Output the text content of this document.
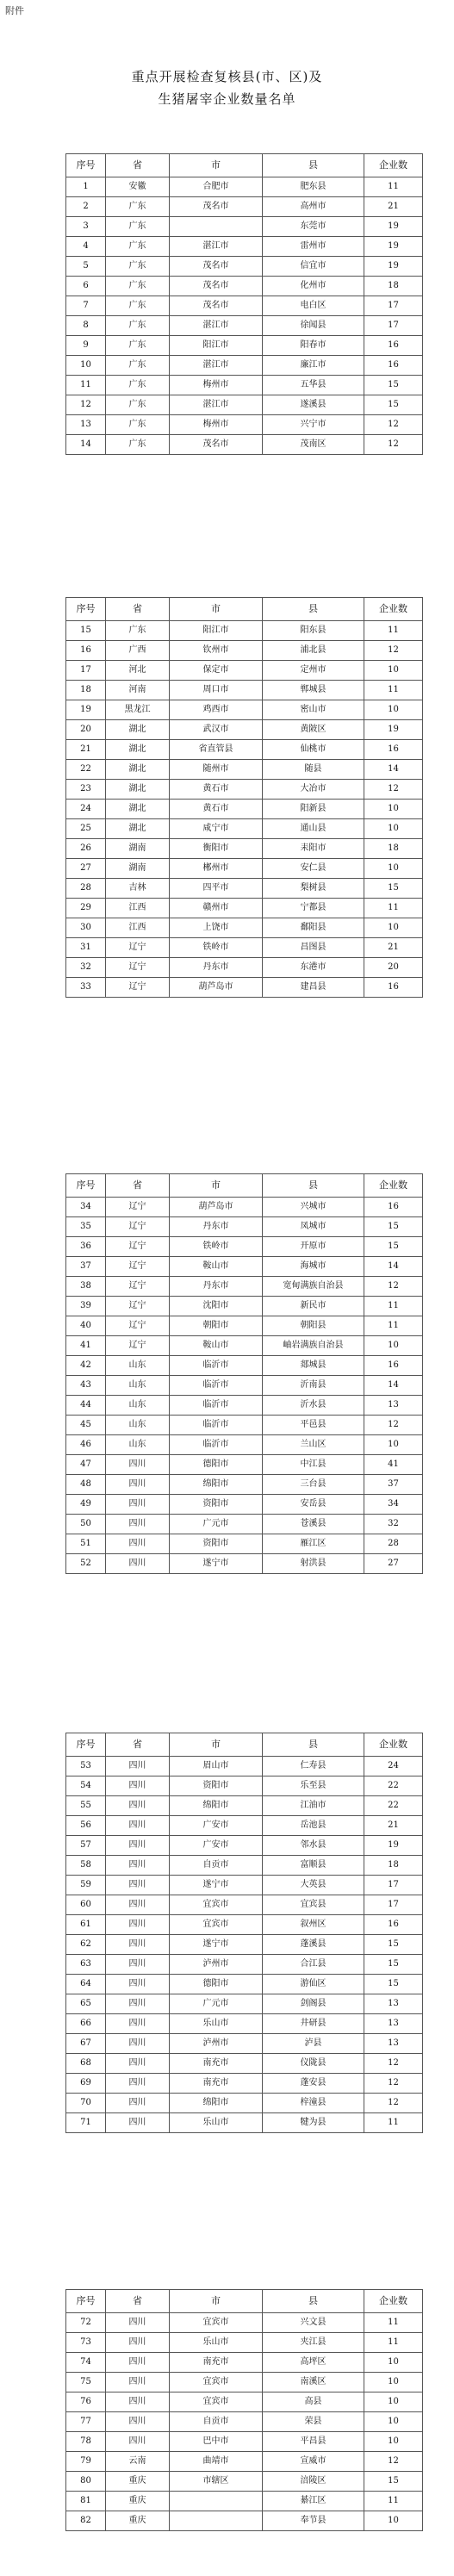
附件
重点开展检查复核县(市、区)及
生猪屠宰企业数量名单
序号	省	市	县	企业数
1	安徽	合肥市	肥东县	11
2	广东	茂名市	高州市	21
3	广东		东莞市	19
4	广东	湛江市	雷州市	19
5	广东	茂名市	信宜市	19
6	广东	茂名市	化州市	18
7	广东	茂名市	电白区	17
8	广东	湛江市	徐闻县	17
9	广东	阳江市	阳春市	16
10	广东	湛江市	廉江市	16
11	广东	梅州市	五华县	15
12	广东	湛江市	遂溪县	15
13	广东	梅州市	兴宁市	12
14	广东	茂名市	茂南区	12
序号	省	市	县	企业数
15	广东	阳江市	阳东县	11
16	广西	钦州市	浦北县	12
17	河北	保定市	定州市	10
18	河南	周口市	郸城县	11
19	黑龙江	鸡西市	密山市	10
20	湖北	武汉市	黄陂区	19
21	湖北	省直管县	仙桃市	16
22	湖北	随州市	随县	14
23	湖北	黄石市	大冶市	12
24	湖北	黄石市	阳新县	10
25	湖北	咸宁市	通山县	10
26	湖南	衡阳市	耒阳市	18
27	湖南	郴州市	安仁县	10
28	吉林	四平市	梨树县	15
29	江西	赣州市	宁都县	11
30	江西	上饶市	鄱阳县	10
31	辽宁	铁岭市	昌图县	21
32	辽宁	丹东市	东港市	20
33	辽宁	葫芦岛市	建昌县	16
序号	省	市	县	企业数
34	辽宁	葫芦岛市	兴城市	16
35	辽宁	丹东市	凤城市	15
36	辽宁	铁岭市	开原市	15
37	辽宁	鞍山市	海城市	14
38	辽宁	丹东市	宽甸满族自治县	12
39	辽宁	沈阳市	新民市	11
40	辽宁	朝阳市	朝阳县	11
41	辽宁	鞍山市	岫岩满族自治县	10
42	山东	临沂市	郯城县	16
43	山东	临沂市	沂南县	14
44	山东	临沂市	沂水县	13
45	山东	临沂市	平邑县	12
46	山东	临沂市	兰山区	10
47	四川	德阳市	中江县	41
48	四川	绵阳市	三台县	37
49	四川	资阳市	安岳县	34
50	四川	广元市	苍溪县	32
51	四川	资阳市	雁江区	28
52	四川	遂宁市	射洪县	27
序号	省	市	县	企业数
53	四川	眉山市	仁寿县	24
54	四川	资阳市	乐至县	22
55	四川	绵阳市	江油市	22
56	四川	广安市	岳池县	21
57	四川	广安市	邻水县	19
58	四川	自贡市	富顺县	18
59	四川	遂宁市	大英县	17
60	四川	宜宾市	宜宾县	17
61	四川	宜宾市	叙州区	16
62	四川	遂宁市	蓬溪县	15
63	四川	泸州市	合江县	15
64	四川	德阳市	游仙区	15
65	四川	广元市	剑阁县	13
66	四川	乐山市	井研县	13
67	四川	泸州市	泸县	13
68	四川	南充市	仪陇县	12
69	四川	南充市	蓬安县	12
70	四川	绵阳市	梓潼县	12
71	四川	乐山市	犍为县	11
序号	省	市	县	企业数
72	四川	宜宾市	兴文县	11
73	四川	乐山市	夹江县	11
74	四川	南充市	高坪区	10
75	四川	宜宾市	南溪区	10
76	四川	宜宾市	高县	10
77	四川	自贡市	荣县	10
78	四川	巴中市	平昌县	10
79	云南	曲靖市	宣威市	12
80	重庆	市辖区	涪陵区	15
81	重庆		綦江区	11
82	重庆		奉节县	10
